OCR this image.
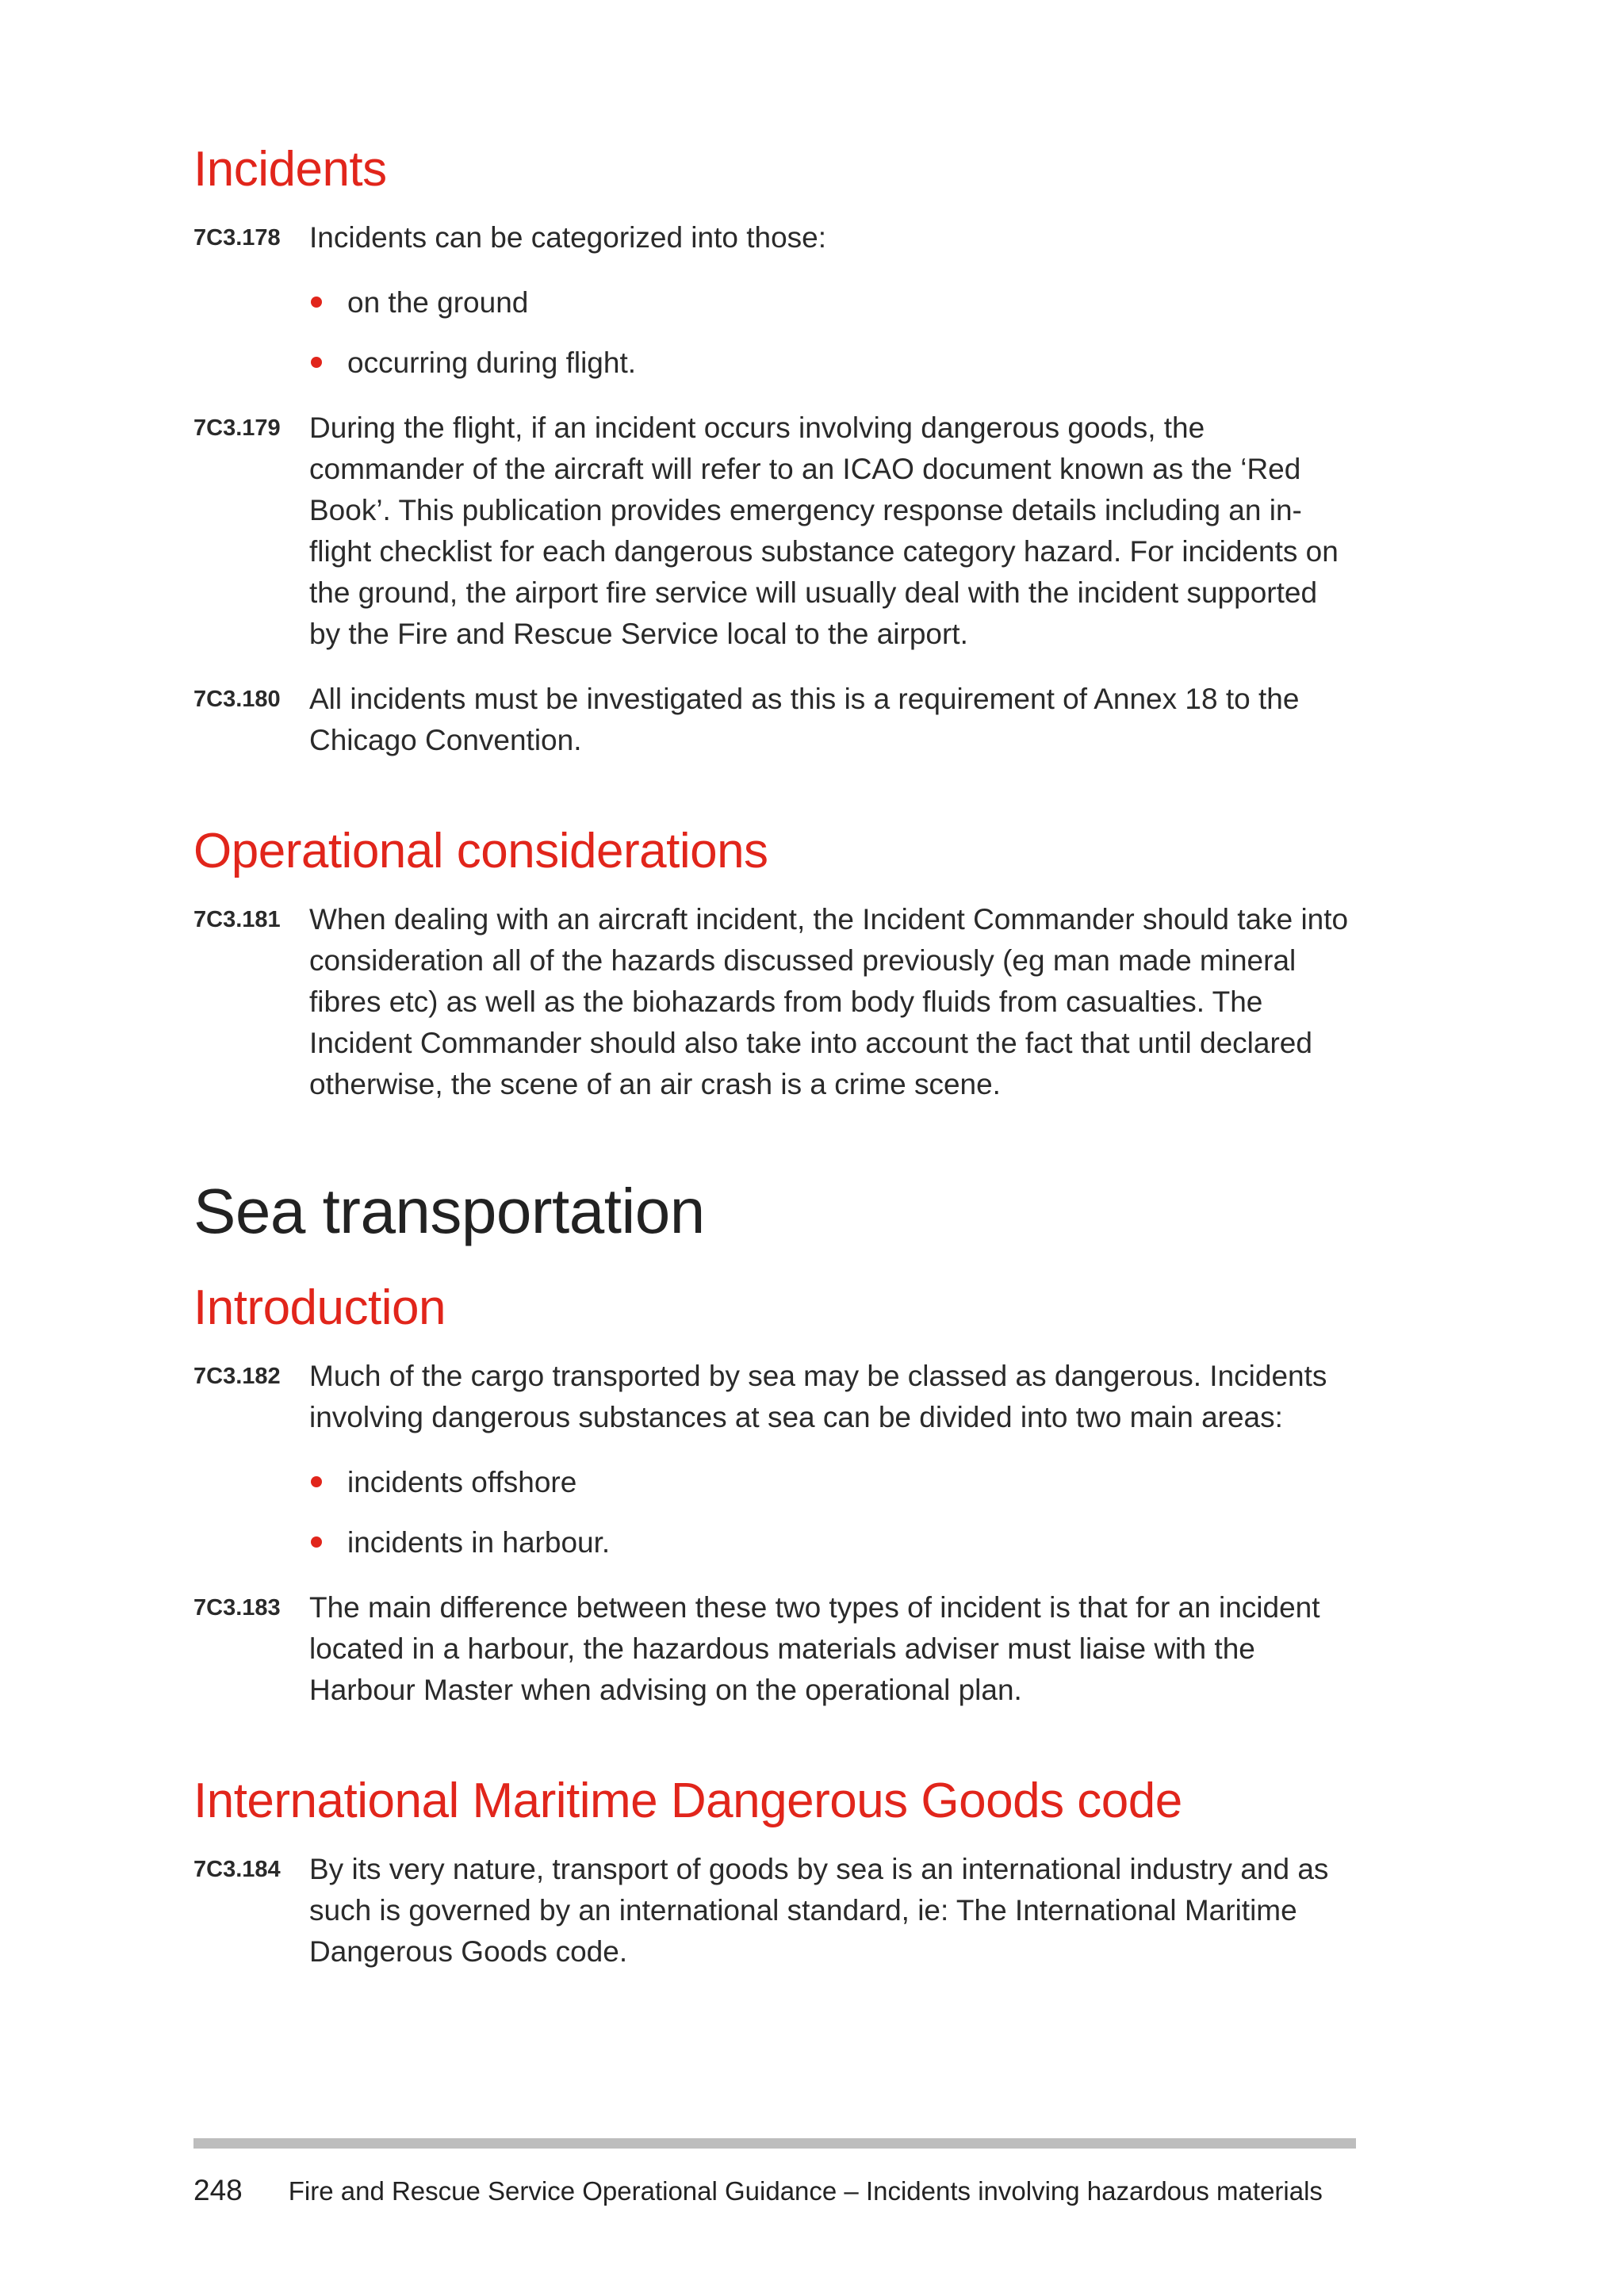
Incidents
7C3.178 Incidents can be categorized into those:
on the ground
occurring during flight.
7C3.179 During the flight, if an incident occurs involving dangerous goods, the commander of the aircraft will refer to an ICAO document known as the ‘Red Book’. This publication provides emergency response details including an in-flight checklist for each dangerous substance category hazard. For incidents on the ground, the airport fire service will usually deal with the incident supported by the Fire and Rescue Service local to the airport.
7C3.180 All incidents must be investigated as this is a requirement of Annex 18 to the Chicago Convention.
Operational considerations
7C3.181 When dealing with an aircraft incident, the Incident Commander should take into consideration all of the hazards discussed previously (eg man made mineral fibres etc) as well as the biohazards from body fluids from casualties. The Incident Commander should also take into account the fact that until declared otherwise, the scene of an air crash is a crime scene.
Sea transportation
Introduction
7C3.182 Much of the cargo transported by sea may be classed as dangerous. Incidents involving dangerous substances at sea can be divided into two main areas:
incidents offshore
incidents in harbour.
7C3.183 The main difference between these two types of incident is that for an incident located in a harbour, the hazardous materials adviser must liaise with the Harbour Master when advising on the operational plan.
International Maritime Dangerous Goods code
7C3.184 By its very nature, transport of goods by sea is an international industry and as such is governed by an international standard, ie: The International Maritime Dangerous Goods code.
248 Fire and Rescue Service Operational Guidance – Incidents involving hazardous materials
